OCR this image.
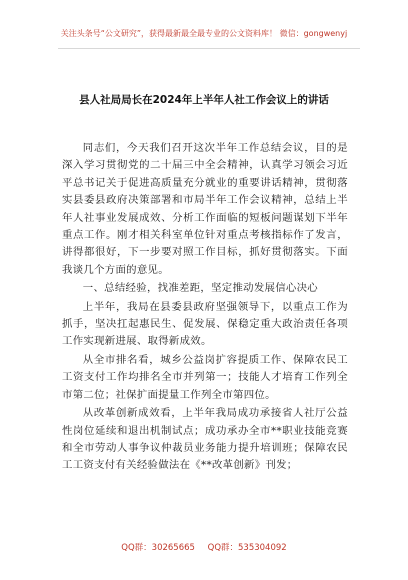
关注头条号“公文研究”，获得最新最全最专业的公文资料库！ 微信：gongwenyj
县人社局局长在2024年上半年人社工作会议上的讲话

同志们，今天我们召开这次半年工作总结会议，目的是深入学习贯彻党的二十届三中全会精神，认真学习领会习近平总书记关于促进高质量充分就业的重要讲话精神，贯彻落实县委县政府决策部署和市局半年工作会议精神，总结上半年人社事业发展成效、分析工作面临的短板问题谋划下半年重点工作。刚才相关科室单位针对重点考核指标作了发言，讲得都很好，下一步要对照工作目标，抓好贯彻落实。下面我谈几个方面的意见。

一、总结经验，找准差距，坚定推动发展信心决心

上半年，我局在县委县政府坚强领导下，以重点工作为抓手，坚决扛起惠民生、促发展、保稳定重大政治责任各项工作实现新进展、取得新成效。

从全市排名看，城乡公益岗扩容提质工作、保障农民工工资支付工作均排名全市并列第一；技能人才培育工作列全市第二位；社保扩面提量工作列全市第四位。

从改革创新成效看，上半年我局成功承接省人社厅公益性岗位延续和退出机制试点；成功承办全市**职业技能竞赛和全市劳动人事争议仲裁员业务能力提升培训班；保障农民工工资支付有关经验做法在《**改革创新》刊发；

QQ群：30265665 QQ群：535304092
